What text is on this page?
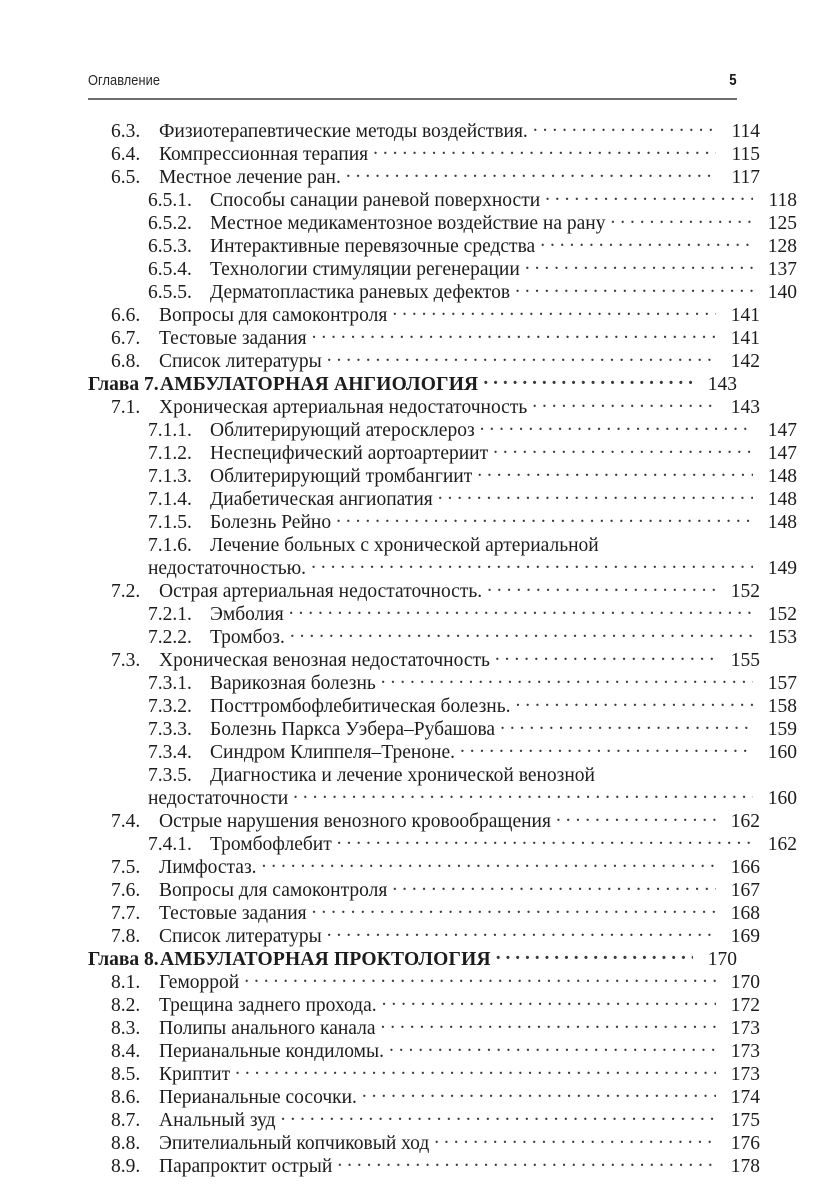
Оглавление	5
6.3. Физиотерапевтические методы воздействия. . . .	114
6.4. Компрессионная терапия . . .	115
6.5. Местное лечение ран. . . .	117
6.5.1. Способы санации раневой поверхности . . .	118
6.5.2. Местное медикаментозное воздействие на рану . . .	125
6.5.3. Интерактивные перевязочные средства . . .	128
6.5.4. Технологии стимуляции регенерации . . .	137
6.5.5. Дерматопластика раневых дефектов . . .	140
6.6. Вопросы для самоконтроля . . .	141
6.7. Тестовые задания . . .	141
6.8. Список литературы . . .	142
Глава 7. АМБУЛАТОРНАЯ АНГИОЛОГИЯ . . .	143
7.1. Хроническая артериальная недостаточность . . .	143
7.1.1. Облитерирующий атеросклероз . . .	147
7.1.2. Неспецифический аортоартериит . . .	147
7.1.3. Облитерирующий тромбангиит . . .	148
7.1.4. Диабетическая ангиопатия . . .	148
7.1.5. Болезнь Рейно . . .	148
7.1.6. Лечение больных с хронической артериальной
недостаточностью. . . .	149
7.2. Острая артериальная недостаточность. . . .	152
7.2.1. Эмболия . . .	152
7.2.2. Тромбоз. . . .	153
7.3. Хроническая венозная недостаточность . . .	155
7.3.1. Варикозная болезнь . . .	157
7.3.2. Посттромбофлебитическая болезнь. . . .	158
7.3.3. Болезнь Паркса Уэбера–Рубашова . . .	159
7.3.4. Синдром Клиппеля–Треноне. . . .	160
7.3.5. Диагностика и лечение хронической венозной
недостаточности . . .	160
7.4. Острые нарушения венозного кровообращения . . .	162
7.4.1. Тромбофлебит . . .	162
7.5. Лимфостаз. . . .	166
7.6. Вопросы для самоконтроля . . .	167
7.7. Тестовые задания . . .	168
7.8. Список литературы . . .	169
Глава 8. АМБУЛАТОРНАЯ ПРОКТОЛОГИЯ . . .	170
8.1. Геморрой . . .	170
8.2. Трещина заднего прохода. . . .	172
8.3. Полипы анального канала . . .	173
8.4. Перианальные кондиломы. . . .	173
8.5. Криптит . . .	173
8.6. Перианальные сосочки. . . .	174
8.7. Анальный зуд . . .	175
8.8. Эпителиальный копчиковый ход . . .	176
8.9. Парапроктит острый . . .	178
